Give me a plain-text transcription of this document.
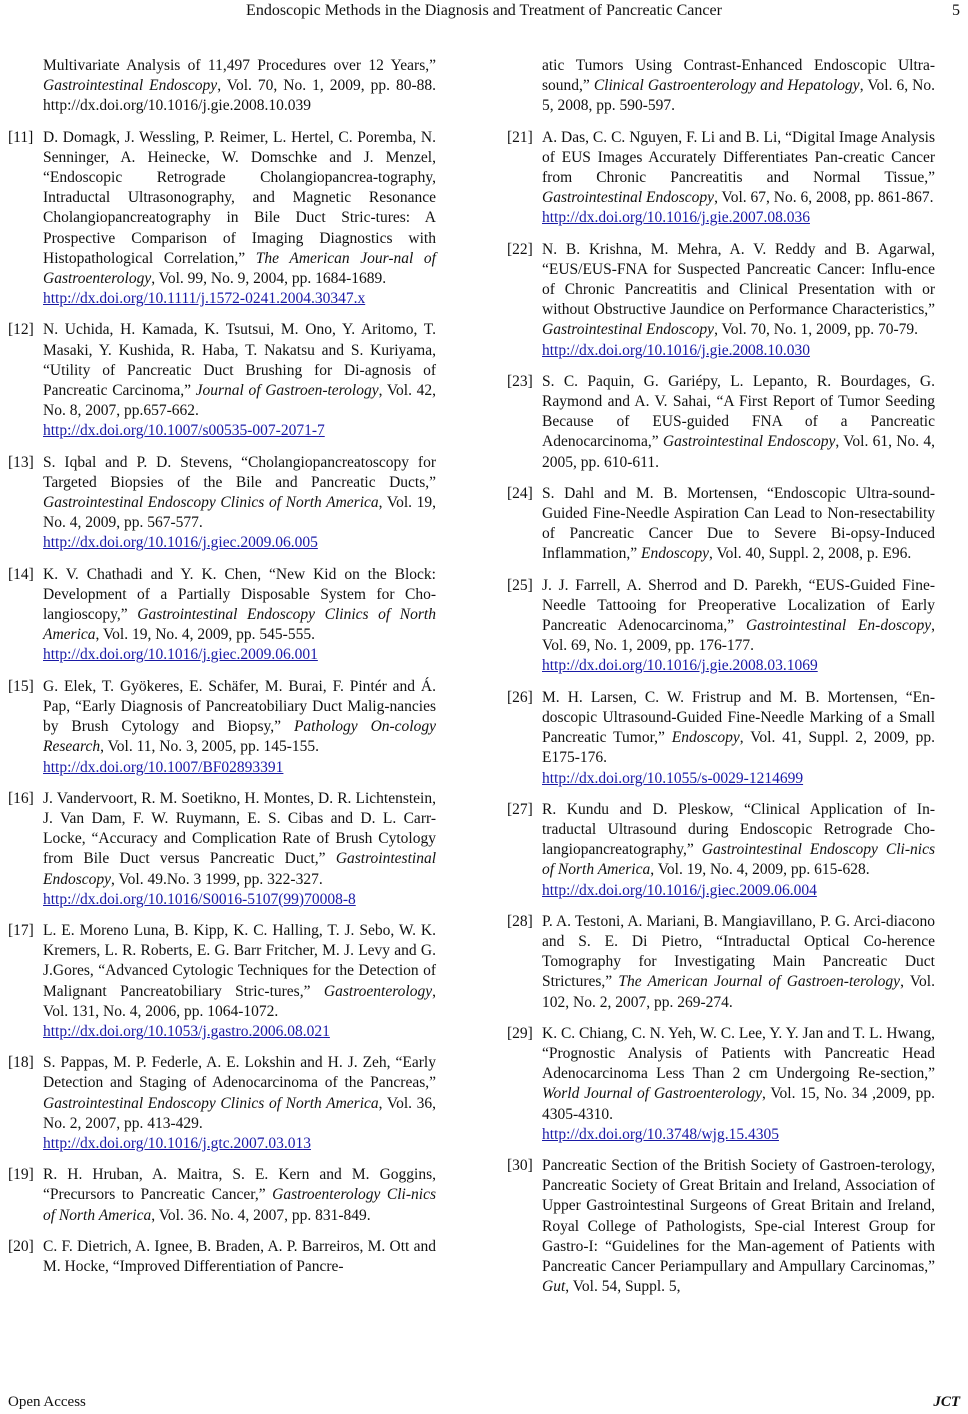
Endoscopic Methods in the Diagnosis and Treatment of Pancreatic Cancer	5
Multivariate Analysis of 11,497 Procedures over 12 Years,” Gastrointestinal Endoscopy, Vol. 70, No. 1, 2009, pp. 80-88. http://dx.doi.org/10.1016/j.gie.2008.10.039
[11] D. Domagk, J. Wessling, P. Reimer, L. Hertel, C. Poremba, N. Senninger, A. Heinecke, W. Domschke and J. Menzel, “Endoscopic Retrograde Cholangiopancrea-tography, Intraductal Ultrasonography, and Magnetic Resonance Cholangiopancreatography in Bile Duct Stric-tures: A Prospective Comparison of Imaging Diagnostics with Histopathological Correlation,” The American Jour-nal of Gastroenterology, Vol. 99, No. 9, 2004, pp. 1684-1689.
http://dx.doi.org/10.1111/j.1572-0241.2004.30347.x
[12] N. Uchida, H. Kamada, K. Tsutsui, M. Ono, Y. Aritomo, T. Masaki, Y. Kushida, R. Haba, T. Nakatsu and S. Kuriyama, “Utility of Pancreatic Duct Brushing for Di-agnosis of Pancreatic Carcinoma,” Journal of Gastroen-terology, Vol. 42, No. 8, 2007, pp.657-662.
http://dx.doi.org/10.1007/s00535-007-2071-7
[13] S. Iqbal and P. D. Stevens, “Cholangiopancreatoscopy for Targeted Biopsies of the Bile and Pancreatic Ducts,” Gastrointestinal Endoscopy Clinics of North America, Vol. 19, No. 4, 2009, pp. 567-577.
http://dx.doi.org/10.1016/j.giec.2009.06.005
[14] K. V. Chathadi and Y. K. Chen, “New Kid on the Block: Development of a Partially Disposable System for Cho-langioscopy,” Gastrointestinal Endoscopy Clinics of North America, Vol. 19, No. 4, 2009, pp. 545-555.
http://dx.doi.org/10.1016/j.giec.2009.06.001
[15] G. Elek, T. Gyökeres, E. Schäfer, M. Burai, F. Pintér and Á. Pap, “Early Diagnosis of Pancreatobiliary Duct Malig-nancies by Brush Cytology and Biopsy,” Pathology On-cology Research, Vol. 11, No. 3, 2005, pp. 145-155.
http://dx.doi.org/10.1007/BF02893391
[16] J. Vandervoort, R. M. Soetikno, H. Montes, D. R. Lichtenstein, J. Van Dam, F. W. Ruymann, E. S. Cibas and D. L. Carr-Locke, “Accuracy and Complication Rate of Brush Cytology from Bile Duct versus Pancreatic Duct,” Gastrointestinal Endoscopy, Vol. 49.No. 3 1999, pp. 322-327.
http://dx.doi.org/10.1016/S0016-5107(99)70008-8
[17] L. E. Moreno Luna, B. Kipp, K. C. Halling, T. J. Sebo, W. K. Kremers, L. R. Roberts, E. G. Barr Fritcher, M. J. Levy and G. J.Gores, “Advanced Cytologic Techniques for the Detection of Malignant Pancreatobiliary Stric-tures,” Gastroenterology, Vol. 131, No. 4, 2006, pp. 1064-1072.
http://dx.doi.org/10.1053/j.gastro.2006.08.021
[18] S. Pappas, M. P. Federle, A. E. Lokshin and H. J. Zeh, “Early Detection and Staging of Adenocarcinoma of the Pancreas,” Gastrointestinal Endoscopy Clinics of North America, Vol. 36, No. 2, 2007, pp. 413-429.
http://dx.doi.org/10.1016/j.gtc.2007.03.013
[19] R. H. Hruban, A. Maitra, S. E. Kern and M. Goggins, “Precursors to Pancreatic Cancer,” Gastroenterology Cli-nics of North America, Vol. 36. No. 4, 2007, pp. 831-849.
[20] C. F. Dietrich, A. Ignee, B. Braden, A. P. Barreiros, M. Ott and M. Hocke, “Improved Differentiation of Pancre-
atic Tumors Using Contrast-Enhanced Endoscopic Ultra-sound,” Clinical Gastroenterology and Hepatology, Vol. 6, No. 5, 2008, pp. 590-597.
[21] A. Das, C. C. Nguyen, F. Li and B. Li, “Digital Image Analysis of EUS Images Accurately Differentiates Pan-creatic Cancer from Chronic Pancreatitis and Normal Tissue,” Gastrointestinal Endoscopy, Vol. 67, No. 6, 2008, pp. 861-867.
http://dx.doi.org/10.1016/j.gie.2007.08.036
[22] N. B. Krishna, M. Mehra, A. V. Reddy and B. Agarwal, “EUS/EUS-FNA for Suspected Pancreatic Cancer: Influ-ence of Chronic Pancreatitis and Clinical Presentation with or without Obstructive Jaundice on Performance Characteristics,” Gastrointestinal Endoscopy, Vol. 70, No. 1, 2009, pp. 70-79.
http://dx.doi.org/10.1016/j.gie.2008.10.030
[23] S. C. Paquin, G. Gariépy, L. Lepanto, R. Bourdages, G. Raymond and A. V. Sahai, “A First Report of Tumor Seeding Because of EUS-guided FNA of a Pancreatic Adenocarcinoma,” Gastrointestinal Endoscopy, Vol. 61, No. 4, 2005, pp. 610-611.
[24] S. Dahl and M. B. Mortensen, “Endoscopic Ultra-sound-Guided Fine-Needle Aspiration Can Lead to Non-resectability of Pancreatic Cancer Due to Severe Bi-opsy-Induced Inflammation,” Endoscopy, Vol. 40, Suppl. 2, 2008, p. E96.
[25] J. J. Farrell, A. Sherrod and D. Parekh, “EUS-Guided Fine-Needle Tattooing for Preoperative Localization of Early Pancreatic Adenocarcinoma,” Gastrointestinal En-doscopy, Vol. 69, No. 1, 2009, pp. 176-177.
http://dx.doi.org/10.1016/j.gie.2008.03.1069
[26] M. H. Larsen, C. W. Fristrup and M. B. Mortensen, “En-doscopic Ultrasound-Guided Fine-Needle Marking of a Small Pancreatic Tumor,” Endoscopy, Vol. 41, Suppl. 2, 2009, pp. E175-176.
http://dx.doi.org/10.1055/s-0029-1214699
[27] R. Kundu and D. Pleskow, “Clinical Application of In-traductal Ultrasound during Endoscopic Retrograde Cho-langiopancreatography,” Gastrointestinal Endoscopy Cli-nics of North America, Vol. 19, No. 4, 2009, pp. 615-628.
http://dx.doi.org/10.1016/j.giec.2009.06.004
[28] P. A. Testoni, A. Mariani, B. Mangiavillano, P. G. Arci-diacono and S. E. Di Pietro, “Intraductal Optical Co-herence Tomography for Investigating Main Pancreatic Duct Strictures,” The American Journal of Gastroen-terology, Vol. 102, No. 2, 2007, pp. 269-274.
[29] K. C. Chiang, C. N. Yeh, W. C. Lee, Y. Y. Jan and T. L. Hwang, “Prognostic Analysis of Patients with Pancreatic Head Adenocarcinoma Less Than 2 cm Undergoing Re-section,” World Journal of Gastroenterology, Vol. 15, No. 34 ,2009, pp. 4305-4310.
http://dx.doi.org/10.3748/wjg.15.4305
[30] Pancreatic Section of the British Society of Gastroen-terology, Pancreatic Society of Great Britain and Ireland, Association of Upper Gastrointestinal Surgeons of Great Britain and Ireland, Royal College of Pathologists, Spe-cial Interest Group for Gastro-I: “Guidelines for the Man-agement of Patients with Pancreatic Cancer Periampullary and Ampullary Carcinomas,” Gut, Vol. 54, Suppl. 5,
Open Access	JCT
